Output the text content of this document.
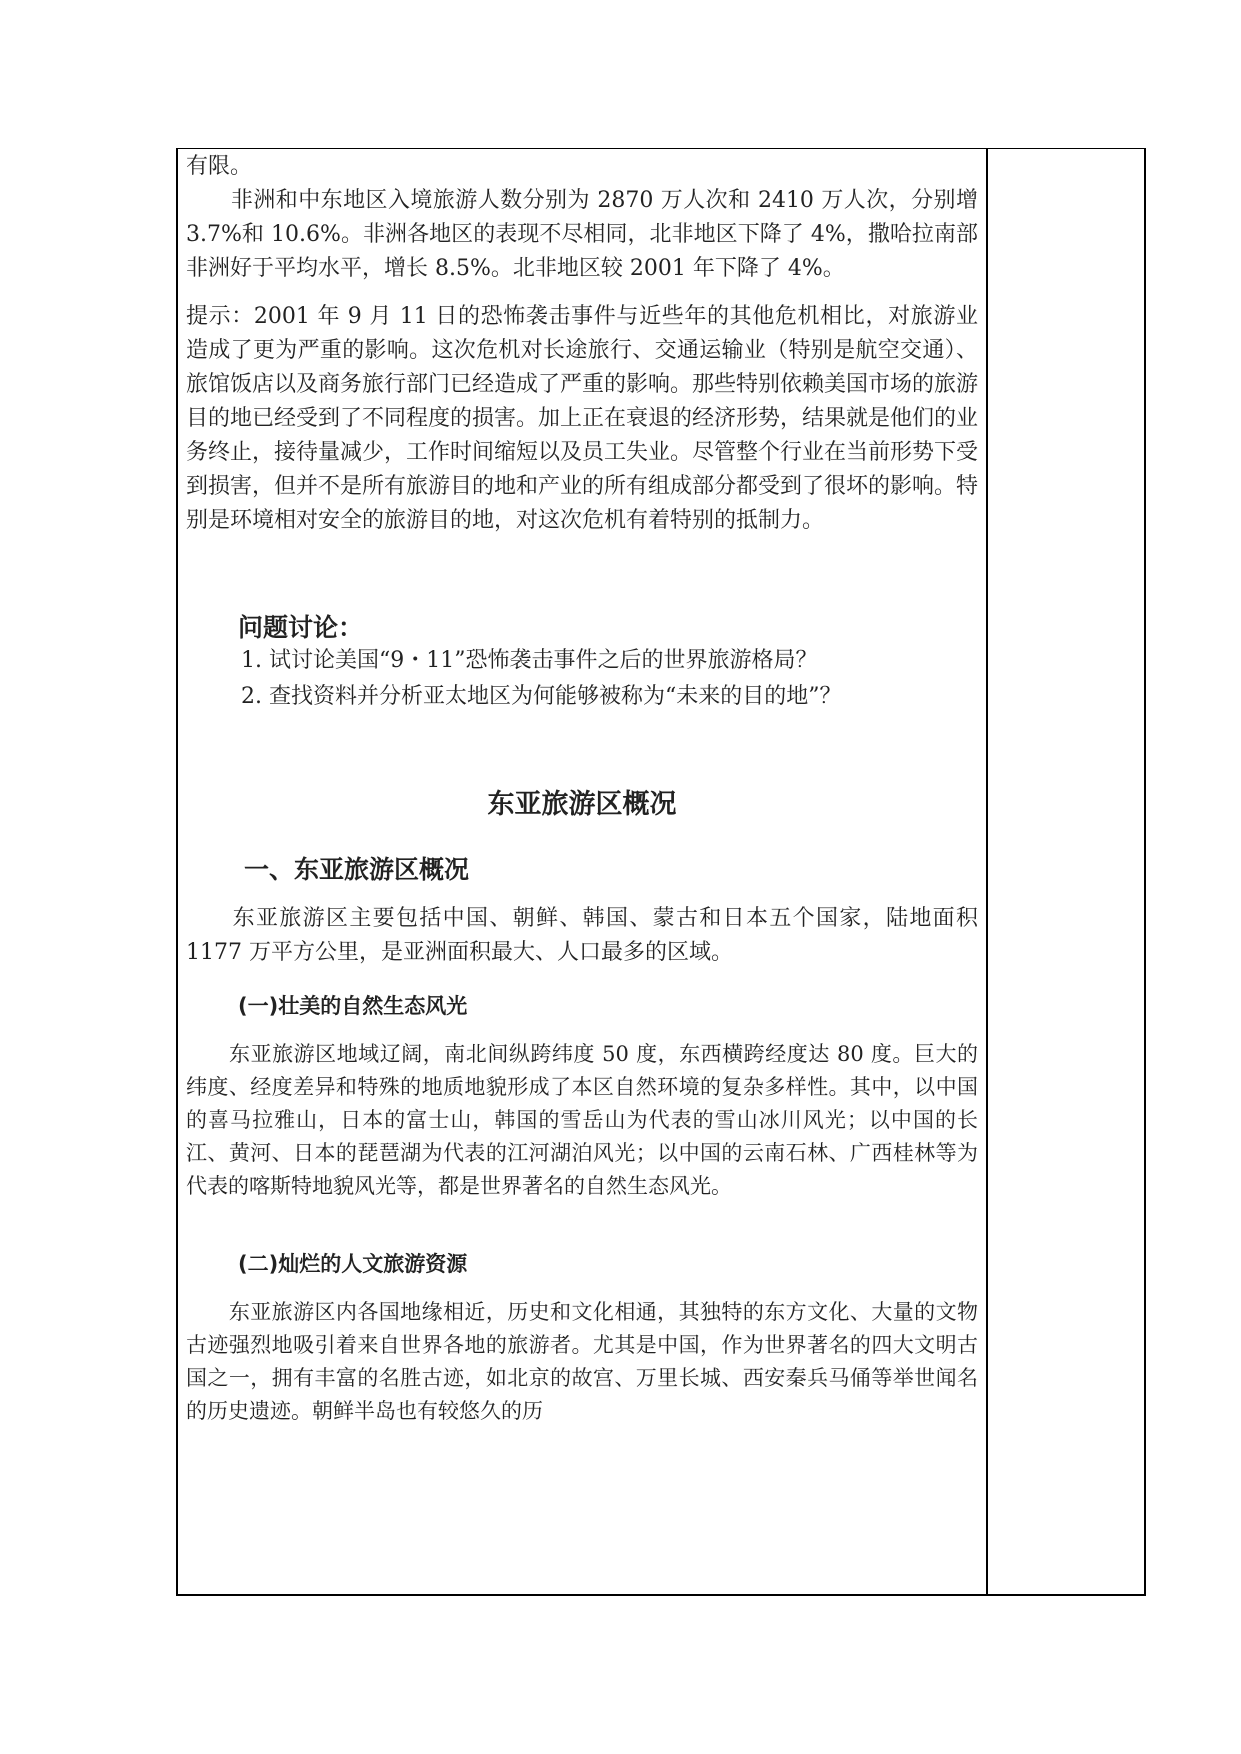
有限。

　　非洲和中东地区入境旅游人数分别为 2870 万人次和 2410 万人次，分别增 3.7%和 10.6%。非洲各地区的表现不尽相同，北非地区下降了 4%，撒哈拉南部非洲好于平均水平，增长 8.5%。北非地区较 2001 年下降了 4%。

提示：2001 年 9 月 11 日的恐怖袭击事件与近些年的其他危机相比，对旅游业造成了更为严重的影响。这次危机对长途旅行、交通运输业（特别是航空交通）、旅馆饭店以及商务旅行部门已经造成了严重的影响。那些特别依赖美国市场的旅游目的地已经受到了不同程度的损害。加上正在衰退的经济形势，结果就是他们的业务终止，接待量减少，工作时间缩短以及员工失业。尽管整个行业在当前形势下受到损害，但并不是所有旅游目的地和产业的所有组成部分都受到了很坏的影响。特别是环境相对安全的旅游目的地，对这次危机有着特别的抵制力。

问题讨论：
1. 试讨论美国“9・11”恐怖袭击事件之后的世界旅游格局？
2. 查找资料并分析亚太地区为何能够被称为“未来的目的地”？
东亚旅游区概况
一、东亚旅游区概况

　　东亚旅游区主要包括中国、朝鲜、韩国、蒙古和日本五个国家，陆地面积 1177 万平方公里，是亚洲面积最大、人口最多的区域。

(一)壮美的自然生态风光

　　东亚旅游区地域辽阔，南北间纵跨纬度 50 度，东西横跨经度达 80 度。巨大的纬度、经度差异和特殊的地质地貌形成了本区自然环境的复杂多样性。其中，以中国的喜马拉雅山，日本的富士山，韩国的雪岳山为代表的雪山冰川风光；以中国的长江、黄河、日本的琵琶湖为代表的江河湖泊风光；以中国的云南石林、广西桂林等为代表的喀斯特地貌风光等，都是世界著名的自然生态风光。

(二)灿烂的人文旅游资源

　　东亚旅游区内各国地缘相近，历史和文化相通，其独特的东方文化、大量的文物古迹强烈地吸引着来自世界各地的旅游者。尤其是中国，作为世界著名的四大文明古国之一，拥有丰富的名胜古迹，如北京的故宫、万里长城、西安秦兵马俑等举世闻名的历史遗迹。朝鲜半岛也有较悠久的历
